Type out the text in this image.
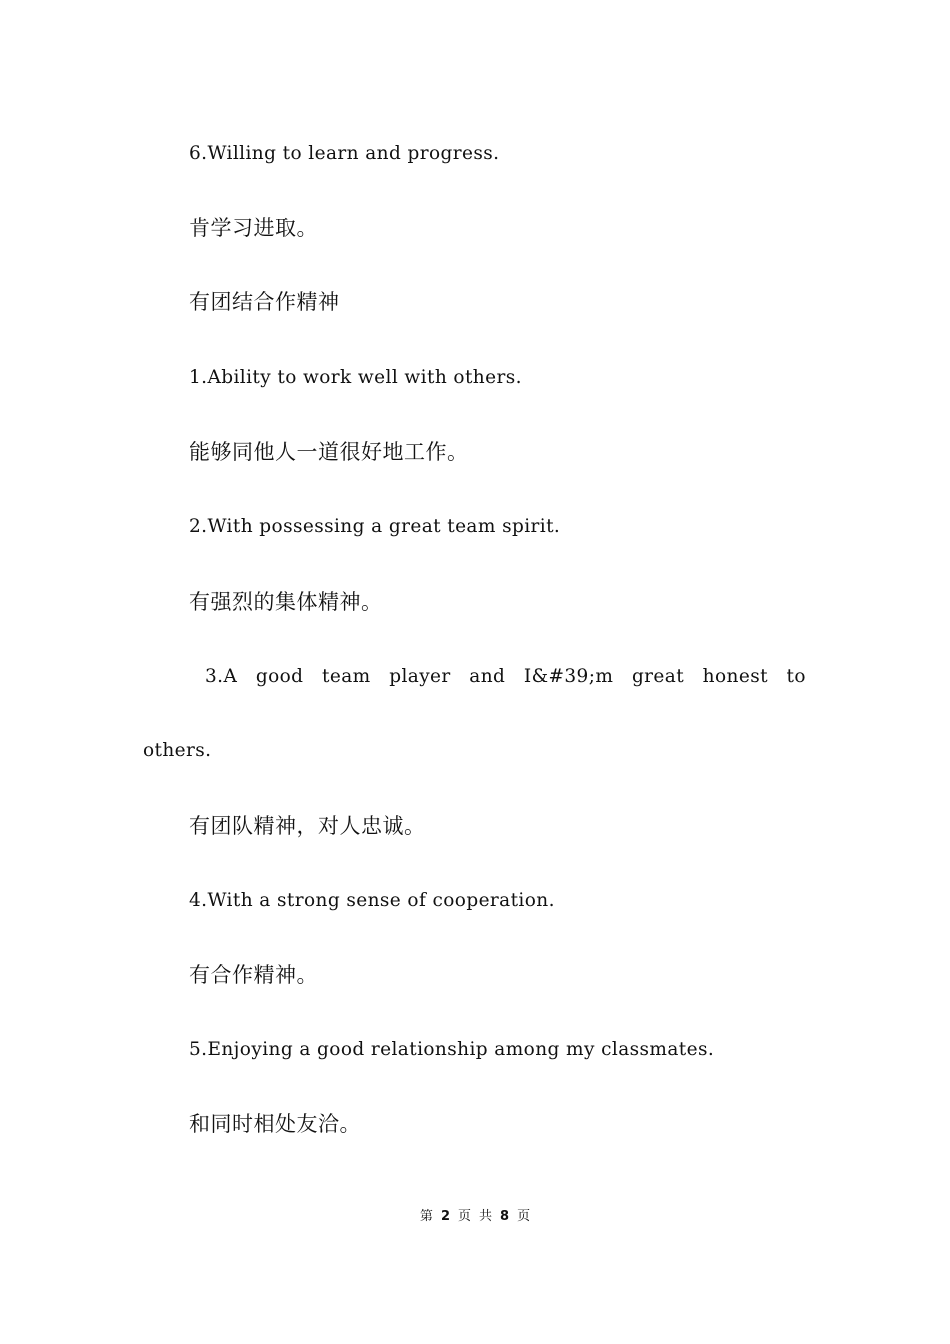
6.Willing to learn and progress.
肯学习进取。
有团结合作精神
1.Ability to work well with others.
能够同他人一道很好地工作。
2.With possessing a great team spirit.
有强烈的集体精神。
3.A good team player and I&#39;m great honest to
others.
有团队精神，对人忠诚。
4.With a strong sense of cooperation.
有合作精神。
5.Enjoying a good relationship among my classmates.
和同时相处友洽。
第 2 页 共 8 页
